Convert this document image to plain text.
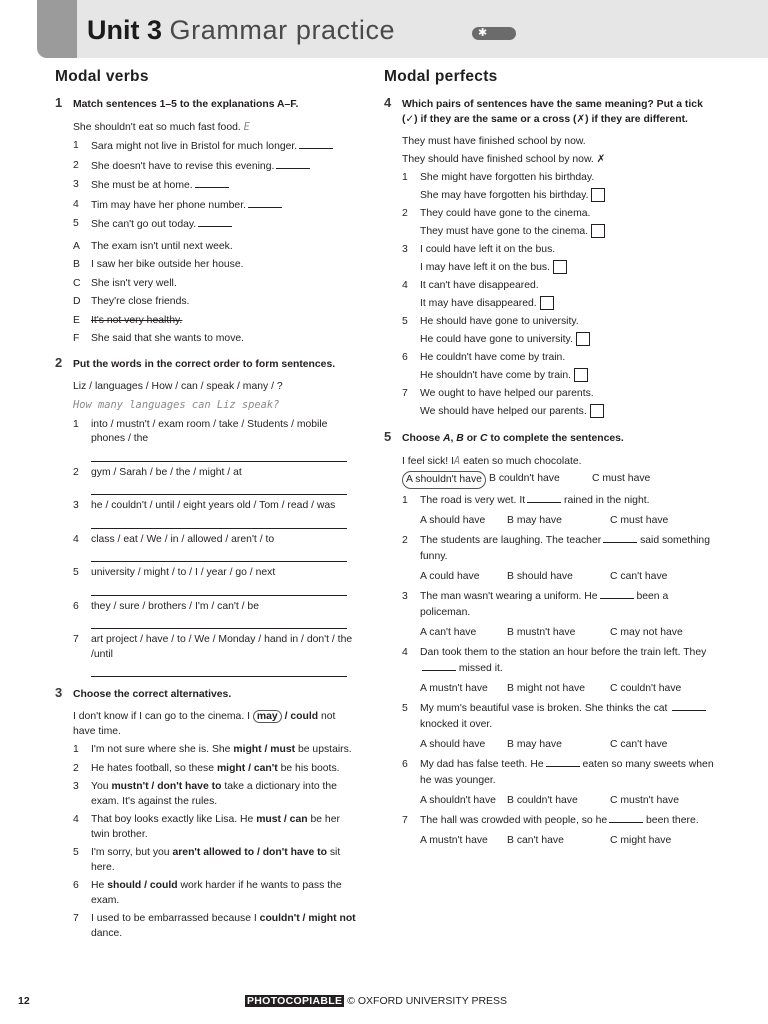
Unit 3 Grammar practice	✱
Modal verbs
1 Match sentences 1–5 to the explanations A–F.
She shouldn't eat so much fast food. E
1 Sara might not live in Bristol for much longer.
2 She doesn't have to revise this evening.
3 She must be at home.
4 Tim may have her phone number.
5 She can't go out today.
A The exam isn't until next week.
B I saw her bike outside her house.
C She isn't very well.
D They're close friends.
E It's not very healthy.
F She said that she wants to move.
2 Put the words in the correct order to form sentences.
Liz / languages / How / can / speak / many / ?
How many languages can Liz speak?
1 into / mustn't / exam room / take / Students / mobile phones / the
2 gym / Sarah / be / the / might / at
3 he / couldn't / until / eight years old / Tom / read / was
4 class / eat / We / in / allowed / aren't / to
5 university / might / to / I / year / go / next
6 they / sure / brothers / I'm / can't / be
7 art project / have / to / We / Monday / hand in / don't / the /until
3 Choose the correct alternatives.
I don't know if I can go to the cinema. I may / could not have time.
1 I'm not sure where she is. She might / must be upstairs.
2 He hates football, so these might / can't be his boots.
3 You mustn't / don't have to take a dictionary into the exam. It's against the rules.
4 That boy looks exactly like Lisa. He must / can be her twin brother.
5 I'm sorry, but you aren't allowed to / don't have to sit here.
6 He should / could work harder if he wants to pass the exam.
7 I used to be embarrassed because I couldn't / might not dance.
Modal perfects
4 Which pairs of sentences have the same meaning? Put a tick (✓) if they are the same or a cross (✗) if they are different.
They must have finished school by now.
They should have finished school by now. ✗
1 She might have forgotten his birthday.
She may have forgotten his birthday.
2 They could have gone to the cinema.
They must have gone to the cinema.
3 I could have left it on the bus.
I may have left it on the bus.
4 It can't have disappeared.
It may have disappeared.
5 He should have gone to university.
He could have gone to university.
6 He couldn't have come by train.
He shouldn't have come by train.
7 We ought to have helped our parents.
We should have helped our parents.
5 Choose A, B or C to complete the sentences.
I feel sick! IA eaten so much chocolate.
A shouldn't have B couldn't have	C must have
1 The road is very wet. It	rained in the night.
A should have	B may have	C must have
2 The students are laughing. The teacher	said something funny.
A could have	B should have	C can't have
3 The man wasn't wearing a uniform. He	been a policeman.
A can't have	B mustn't have	C may not have
4 Dan took them to the station an hour before the train left. They missed it.
A mustn't have	B might not have	C couldn't have
5 My mum's beautiful vase is broken. She thinks the cat  knocked it over.
A should have	B may have	C can't have
6 My dad has false teeth. He	eaten so many sweets when he was younger.
A shouldn't have	B couldn't have	C mustn't have
7 The hall was crowded with people, so he	been there.
A mustn't have	B can't have	C might have
12	PHOTOCOPIABLE © OXFORD UNIVERSITY PRESS
